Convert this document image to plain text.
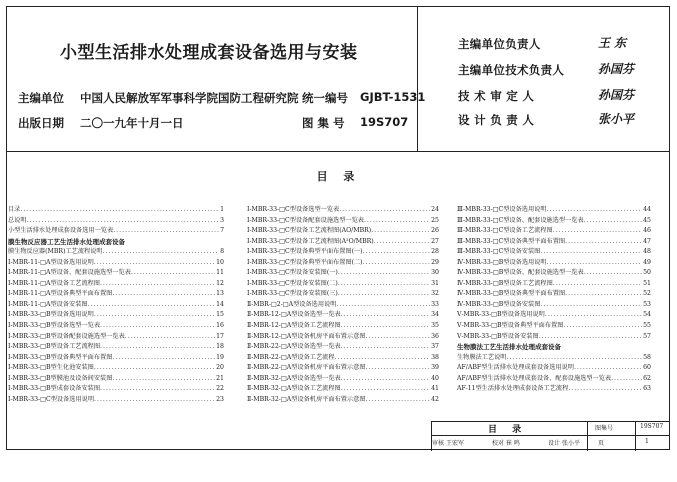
小型生活排水处理成套设备选用与安装
主编单位 中国人民解放军军事科学院国防工程研究院 统一编号 GJBT-1531
出版日期 二〇一九年十月一日	图 集 号 19S707
主编单位负责人	王 东
主编单位技术负责人	孙国芬
技 术 审 定 人	孙国芬
设 计 负 责 人	张小平
目 录
目录 .....	1
总说明 .....	3
小型生活排水处理成套设备选用一览表 .....	7
膜生物反应器工艺生活排水处理成套设备
膜生物反应器(MBR)工艺流程说明 .....	8
Ⅰ-MBR-11-□A型设备选用说明 .....	10
Ⅰ-MBR-11-□A型设备、配套设施选型一览表 .....	11
Ⅰ-MBR-11-□A型设备工艺流程图 .....	12
Ⅰ-MBR-11-□A型设备典型平面布置图 .....	13
Ⅰ-MBR-11-□A型设备安装图 .....	14
Ⅰ-MBR-33-□B型设备选用说明 .....	15
Ⅰ-MBR-33-□B型设备选型一览表 .....	16
Ⅰ-MBR-33-□B型设备配套设施选型一览表 .....	17
Ⅰ-MBR-33-□B型设备工艺流程图 .....	18
Ⅰ-MBR-33-□B型设备典型平面布置图 .....	19
Ⅰ-MBR-33-□B型生化池安装图 .....	20
Ⅰ-MBR-33-□B型膜池及设备间安装图 .....	21
Ⅰ-MBR-33-□B型成套设备安装图 .....	22
Ⅰ-MBR-33-□C型设备选用说明 .....	23
Ⅰ-MBR-33-□C型设备选型一览表 .....	24
Ⅰ-MBR-33-□C型设备配套设施选型一览表 .....	25
Ⅰ-MBR-33-□C型设备工艺流程图(AO/MBR) .....	26
Ⅰ-MBR-33-□C型设备工艺流程图(A²O/MBR) .....	27
Ⅰ-MBR-33-□C型设备典型平面布置图(一) .....	28
Ⅰ-MBR-33-□C型设备典型平面布置图(二) .....	29
Ⅰ-MBR-33-□C型设备安装图(一) .....	30
Ⅰ-MBR-33-□C型设备安装图(二) .....	31
Ⅰ-MBR-33-□C型设备安装图(三) .....	32
Ⅱ-MBR-□2-□A型设备选用说明 .....	33
Ⅱ-MBR-12-□A型设备选型一览表 .....	34
Ⅱ-MBR-12-□A型设备工艺流程图 .....	35
Ⅱ-MBR-12-□A型设备机房平面布置示意图 .....	36
Ⅱ-MBR-22-□A型设备选型一览表 .....	37
Ⅱ-MBR-22-□A型设备工艺流程 .....	38
Ⅱ-MBR-22-□A型设备机房平面布置示意图 .....	39
Ⅱ-MBR-32-□A型设备选型一览表 .....	40
Ⅱ-MBR-32-□A型设备工艺流程图 .....	41
Ⅱ-MBR-32-□A型设备机房平面布置示意图 .....	42
Ⅲ-MBR-33-□C型设备选用说明 .....	44
Ⅲ-MBR-33-□C型设备、配套设施选型一览表 .....	45
Ⅲ-MBR-33-□C型设备工艺流程图 .....	46
Ⅲ-MBR-33-□C型设备典型平面布置图 .....	47
Ⅲ-MBR-33-□C型设备安装图 .....	48
Ⅳ-MBR-33-□B型设备选用说明 .....	49
Ⅳ-MBR-33-□B型设备、配套设施选型一览表 .....	50
Ⅳ-MBR-33-□B型设备工艺流程图 .....	51
Ⅳ-MBR-33-□B型设备典型平面布置图 .....	52
Ⅳ-MBR-33-□B型设备安装图 .....	53
Ⅴ-MBR-33-□B型设备选用说明 .....	54
Ⅴ-MBR-33-□B型设备典型平面布置图 .....	55
Ⅴ-MBR-33-□B型设备安装图 .....	57
生物膜法工艺生活排水处理成套设备
生物膜法工艺说明 .....	58
AF/ABF型生活排水处理成套设备选用说明 .....	60
AF/ABF型生活排水处理成套设备、配套设施选型一览表 .....	62
AF-11型生活排水处理成套设备工艺流程 .....	63
目 录	图集号	19S707
审核 王宏军	校对 崔 鸣	设计 张小平	页	1
